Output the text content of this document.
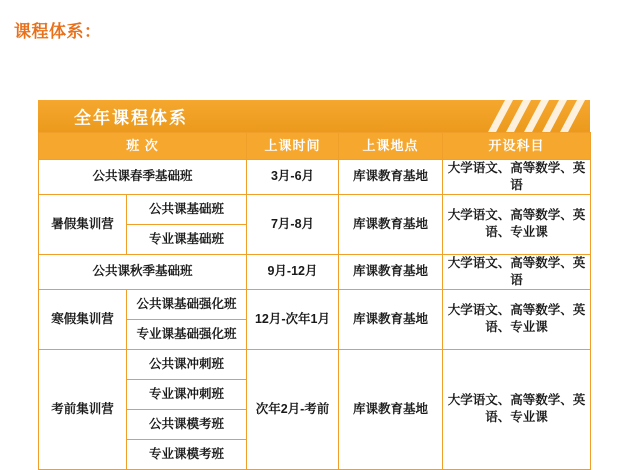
课程体系：
全年课程体系
班 次		上课时间	上课地点	开设科目
公共课春季基础班		3月-6月	库课教育基地	大学语文、高等数学、英语
暑假集训营	公共课基础班	7月-8月	库课教育基地	大学语文、高等数学、英语、专业课
	专业课基础班			
公共课秋季基础班		9月-12月	库课教育基地	大学语文、高等数学、英语
寒假集训营	公共课基础强化班	12月-次年1月	库课教育基地	大学语文、高等数学、英语、专业课
	专业课基础强化班			
考前集训营	公共课冲刺班	次年2月-考前	库课教育基地	大学语文、高等数学、英语、专业课
	专业课冲刺班			
	公共课模考班			
	专业课模考班			
